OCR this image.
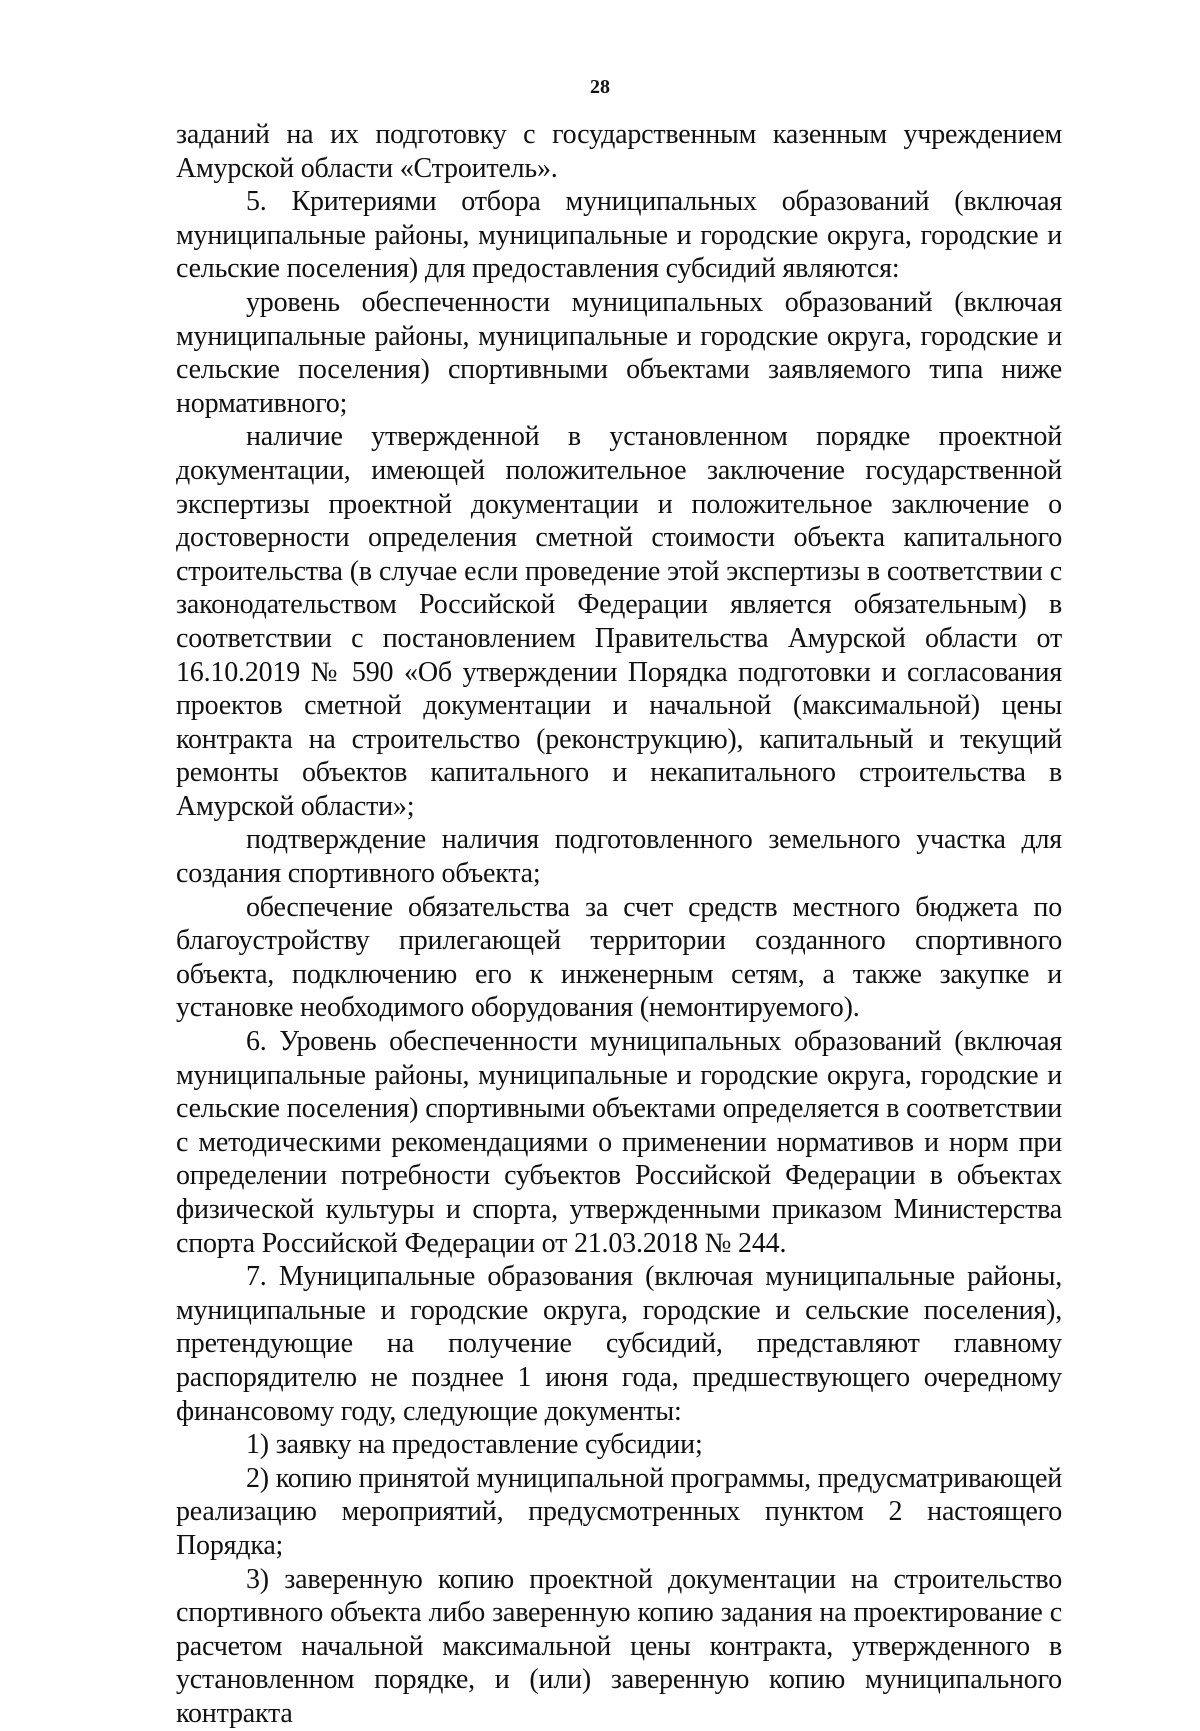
28

заданий на их подготовку с государственным казенным учреждением Амурской области «Строитель».

5. Критериями отбора муниципальных образований (включая муниципальные районы, муниципальные и городские округа, городские и сельские поселения) для предоставления субсидий являются:

уровень обеспеченности муниципальных образований (включая муниципальные районы, муниципальные и городские округа, городские и сельские поселения) спортивными объектами заявляемого типа ниже нормативного;

наличие утвержденной в установленном порядке проектной документации, имеющей положительное заключение государственной экспертизы проектной документации и положительное заключение о достоверности определения сметной стоимости объекта капитального строительства (в случае если проведение этой экспертизы в соответствии с законодательством Российской Федерации является обязательным) в соответствии с постановлением Правительства Амурской области от 16.10.2019 № 590 «Об утверждении Порядка подготовки и согласования проектов сметной документации и начальной (максимальной) цены контракта на строительство (реконструкцию), капитальный и текущий ремонты объектов капитального и некапитального строительства в Амурской области»;

подтверждение наличия подготовленного земельного участка для создания спортивного объекта;

обеспечение обязательства за счет средств местного бюджета по благоустройству прилегающей территории созданного спортивного объекта, подключению его к инженерным сетям, а также закупке и установке необходимого оборудования (немонтируемого).

6. Уровень обеспеченности муниципальных образований (включая муниципальные районы, муниципальные и городские округа, городские и сельские поселения) спортивными объектами определяется в соответствии с методическими рекомендациями о применении нормативов и норм при определении потребности субъектов Российской Федерации в объектах физической культуры и спорта, утвержденными приказом Министерства спорта Российской Федерации от 21.03.2018 № 244.

7. Муниципальные образования (включая муниципальные районы, муниципальные и городские округа, городские и сельские поселения), претендующие на получение субсидий, представляют главному распорядителю не позднее 1 июня года, предшествующего очередному финансовому году, следующие документы:

1) заявку на предоставление субсидии;

2) копию принятой муниципальной программы, предусматривающей реализацию мероприятий, предусмотренных пунктом 2 настоящего Порядка;

3) заверенную копию проектной документации на строительство спортивного объекта либо заверенную копию задания на проектирование с расчетом начальной максимальной цены контракта, утвержденного в установленном порядке, и (или) заверенную копию муниципального контракта
